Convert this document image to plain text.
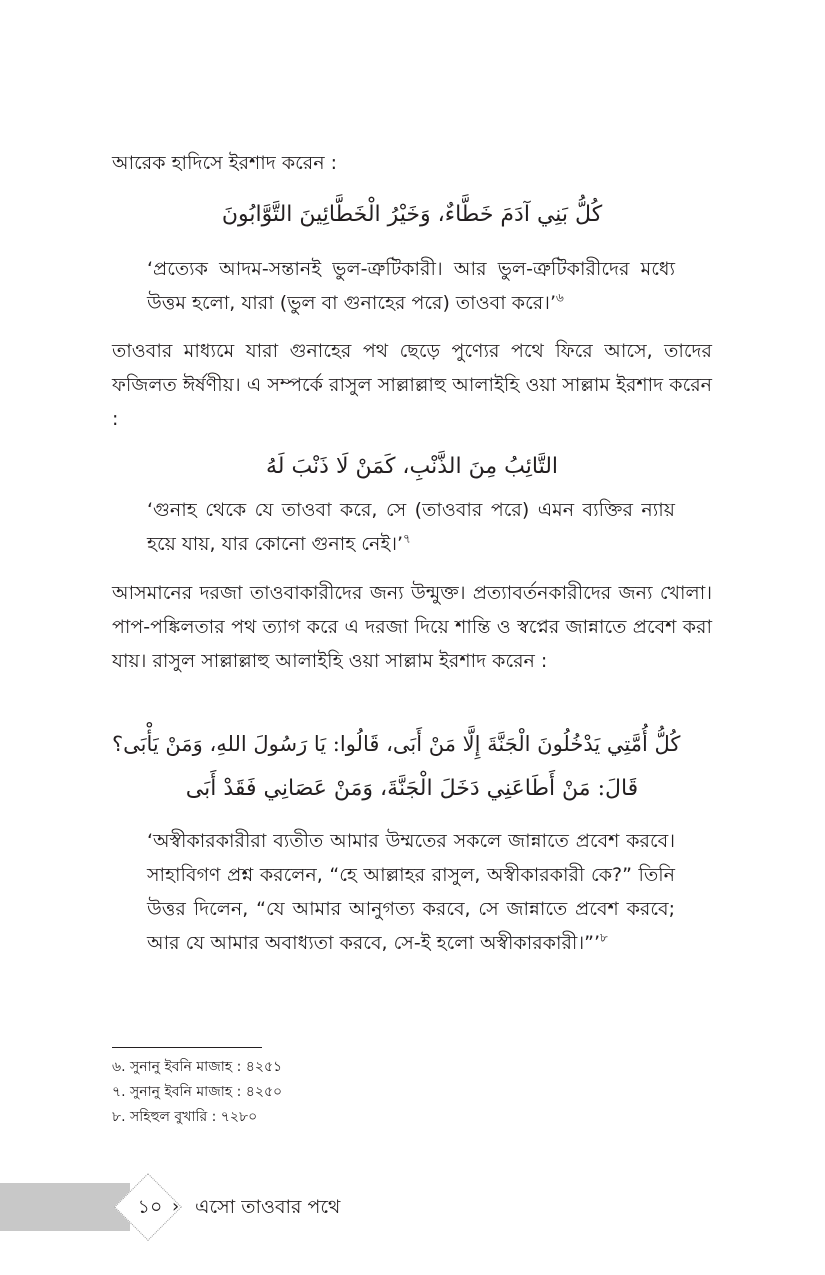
আরেক হাদিসে ইরশাদ করেন :

كُلُّ بَنِي آدَمَ خَطَّاءٌ، وَخَيْرُ الْخَطَّائِينَ التَّوَّابُونَ

‘প্রত্যেক আদম-সন্তানই ভুল-ত্রুটিকারী। আর ভুল-ত্রুটিকারীদের মধ্যে উত্তম হলো, যারা (ভুল বা গুনাহের পরে) তাওবা করে।’$^৬$

তাওবার মাধ্যমে যারা গুনাহের পথ ছেড়ে পুণ্যের পথে ফিরে আসে, তাদের ফজিলত ঈর্ষণীয়। এ সম্পর্কে রাসুল সাল্লাল্লাহু আলাইহি ওয়া সাল্লাম ইরশাদ করেন :

التَّائِبُ مِنَ الذَّنْبِ، كَمَنْ لَا ذَنْبَ لَهُ

‘গুনাহ থেকে যে তাওবা করে, সে (তাওবার পরে) এমন ব্যক্তির ন্যায় হয়ে যায়, যার কোনো গুনাহ নেই।’$^৭$

আসমানের দরজা তাওবাকারীদের জন্য উন্মুক্ত। প্রত্যাবর্তনকারীদের জন্য খোলা। পাপ-পঙ্কিলতার পথ ত্যাগ করে এ দরজা দিয়ে শান্তি ও স্বপ্নের জান্নাতে প্রবেশ করা যায়। রাসুল সাল্লাল্লাহু আলাইহি ওয়া সাল্লাম ইরশাদ করেন :

كُلُّ أُمَّتِي يَدْخُلُونَ الْجَنَّةَ إِلَّا مَنْ أَبَى، قَالُوا: يَا رَسُولَ اللهِ، وَمَنْ يَأْبَى؟

قَالَ: مَنْ أَطَاعَنِي دَخَلَ الْجَنَّةَ، وَمَنْ عَصَانِي فَقَدْ أَبَى

‘অস্বীকারকারীরা ব্যতীত আমার উম্মতের সকলে জান্নাতে প্রবেশ করবে। সাহাবিগণ প্রশ্ন করলেন, “হে আল্লাহর রাসুল, অস্বীকারকারী কে?” তিনি উত্তর দিলেন, “যে আমার আনুগত্য করবে, সে জান্নাতে প্রবেশ করবে; আর যে আমার অবাধ্যতা করবে, সে-ই হলো অস্বীকারকারী।”’$^৮$

৬. সুনানু ইবনি মাজাহ : ৪২৫১

৭. সুনানু ইবনি মাজাহ : ৪২৫০

৮. সহিহুল বুখারি : ৭২৮০

১০ › এসো তাওবার পথে
